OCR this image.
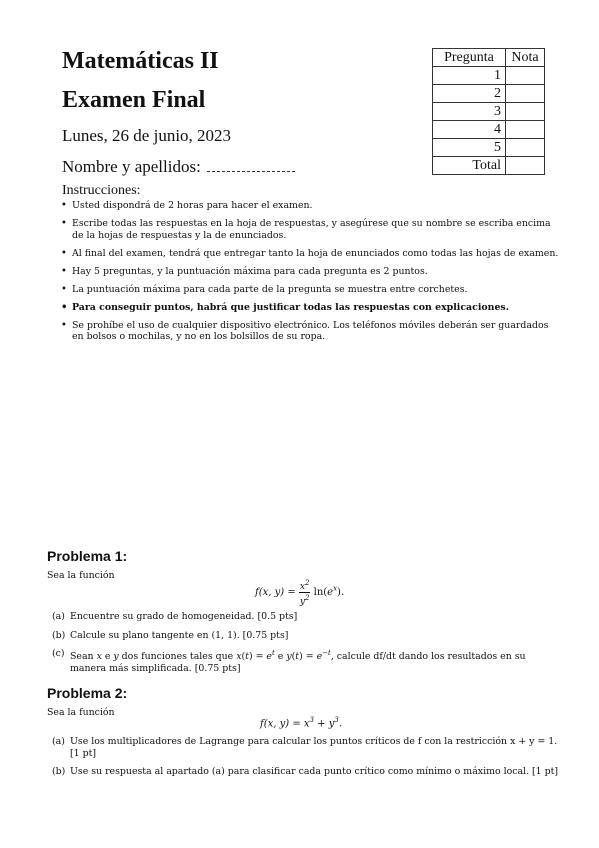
Matemáticas II
Examen Final
Lunes, 26 de junio, 2023
Nombre y apellidos:
Pregunta	Nota
1	
2	
3	
4	
5	
Total	
Instrucciones:
• Usted dispondrá de 2 horas para hacer el examen.
• Escribe todas las respuestas en la hoja de respuestas, y asegúrese que su nombre se escriba encima de la hojas de respuestas y la de enunciados.
• Al final del examen, tendrá que entregar tanto la hoja de enunciados como todas las hojas de examen.
• Hay 5 preguntas, y la puntuación máxima para cada pregunta es 2 puntos.
• La puntuación máxima para cada parte de la pregunta se muestra entre corchetes.
• Para conseguir puntos, habrá que justificar todas las respuestas con explicaciones.
• Se prohíbe el uso de cualquier dispositivo electrónico. Los teléfonos móviles deberán ser guardados en bolsos o mochilas, y no en los bolsillos de su ropa.
Problema 1:
Sea la función
f(x, $y) = \frac{x^2}{y^2} \ln(e^x)$.
(a) Encuentre su grado de homogeneidad. [0.5 pts]
(b) Calcule su plano tangente en (1, 1). [0.75 pts]
(c) Sean x e y dos funciones tales que $x(t) = e^t$ e $y(t) = e^{-t}$, calcule df/dt dando los resultados en su manera más simplificada. [0.75 pts]
Problema 2:
Sea la función
f(x, $y) = x^3 + y^3$.
(a) Use los multiplicadores de Lagrange para calcular los puntos críticos de f con la restricción x + y = 1. [1 pt]
(b) Use su respuesta al apartado (a) para clasificar cada punto crítico como mínimo o máximo local. [1 pt]
